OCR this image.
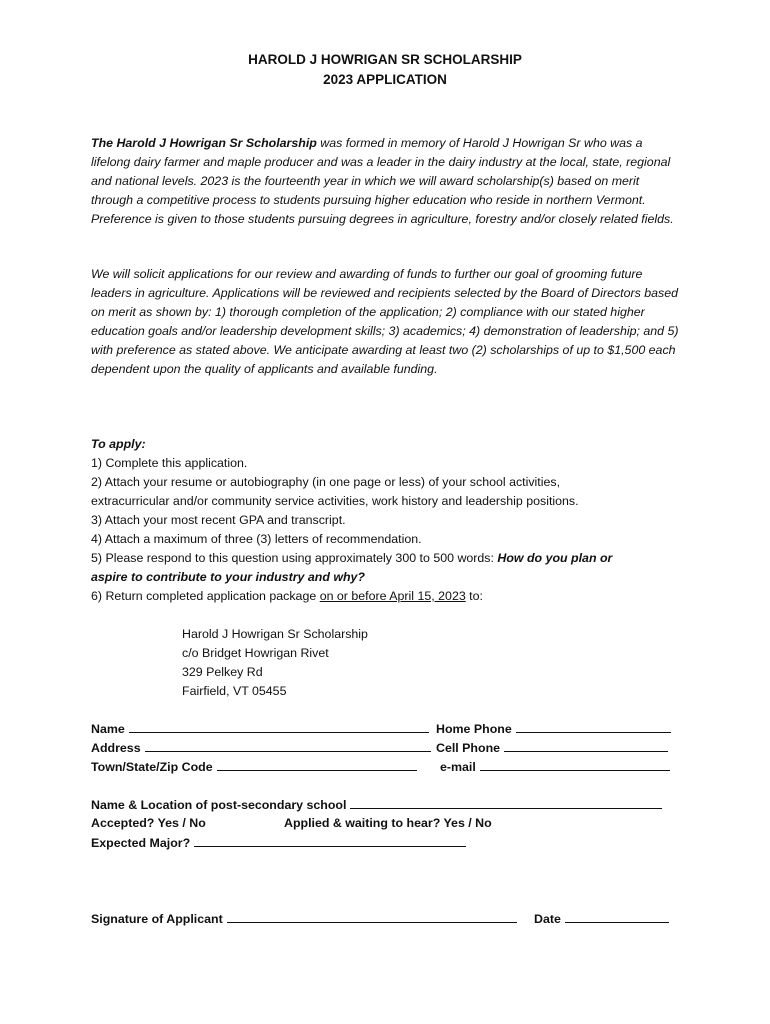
HAROLD J HOWRIGAN SR SCHOLARSHIP
2023 APPLICATION

The Harold J Howrigan Sr Scholarship was formed in memory of Harold J Howrigan Sr who was a lifelong dairy farmer and maple producer and was a leader in the dairy industry at the local, state, regional and national levels. 2023 is the fourteenth year in which we will award scholarship(s) based on merit through a competitive process to students pursuing higher education who reside in northern Vermont. Preference is given to those students pursuing degrees in agriculture, forestry and/or closely related fields.

We will solicit applications for our review and awarding of funds to further our goal of grooming future leaders in agriculture. Applications will be reviewed and recipients selected by the Board of Directors based on merit as shown by: 1) thorough completion of the application; 2) compliance with our stated higher education goals and/or leadership development skills; 3) academics; 4) demonstration of leadership; and 5) with preference as stated above. We anticipate awarding at least two (2) scholarships of up to $1,500 each dependent upon the quality of applicants and available funding.

To apply:
1) Complete this application.
2) Attach your resume or autobiography (in one page or less) of your school activities,
extracurricular and/or community service activities, work history and leadership positions.
3) Attach your most recent GPA and transcript.
4) Attach a maximum of three (3) letters of recommendation.
5) Please respond to this question using approximately 300 to 500 words: How do you plan or
aspire to contribute to your industry and why?
6) Return completed application package on or before April 15, 2023 to:
Harold J Howrigan Sr Scholarship
c/o Bridget Howrigan Rivet
329 Pelkey Rd
Fairfield, VT 05455
Name	Home Phone
Address	Cell Phone
Town/State/Zip Code	e-mail
Name & Location of post-secondary school
Accepted? Yes / No	Applied & waiting to hear? Yes / No
Expected Major?
Signature of Applicant	Date
